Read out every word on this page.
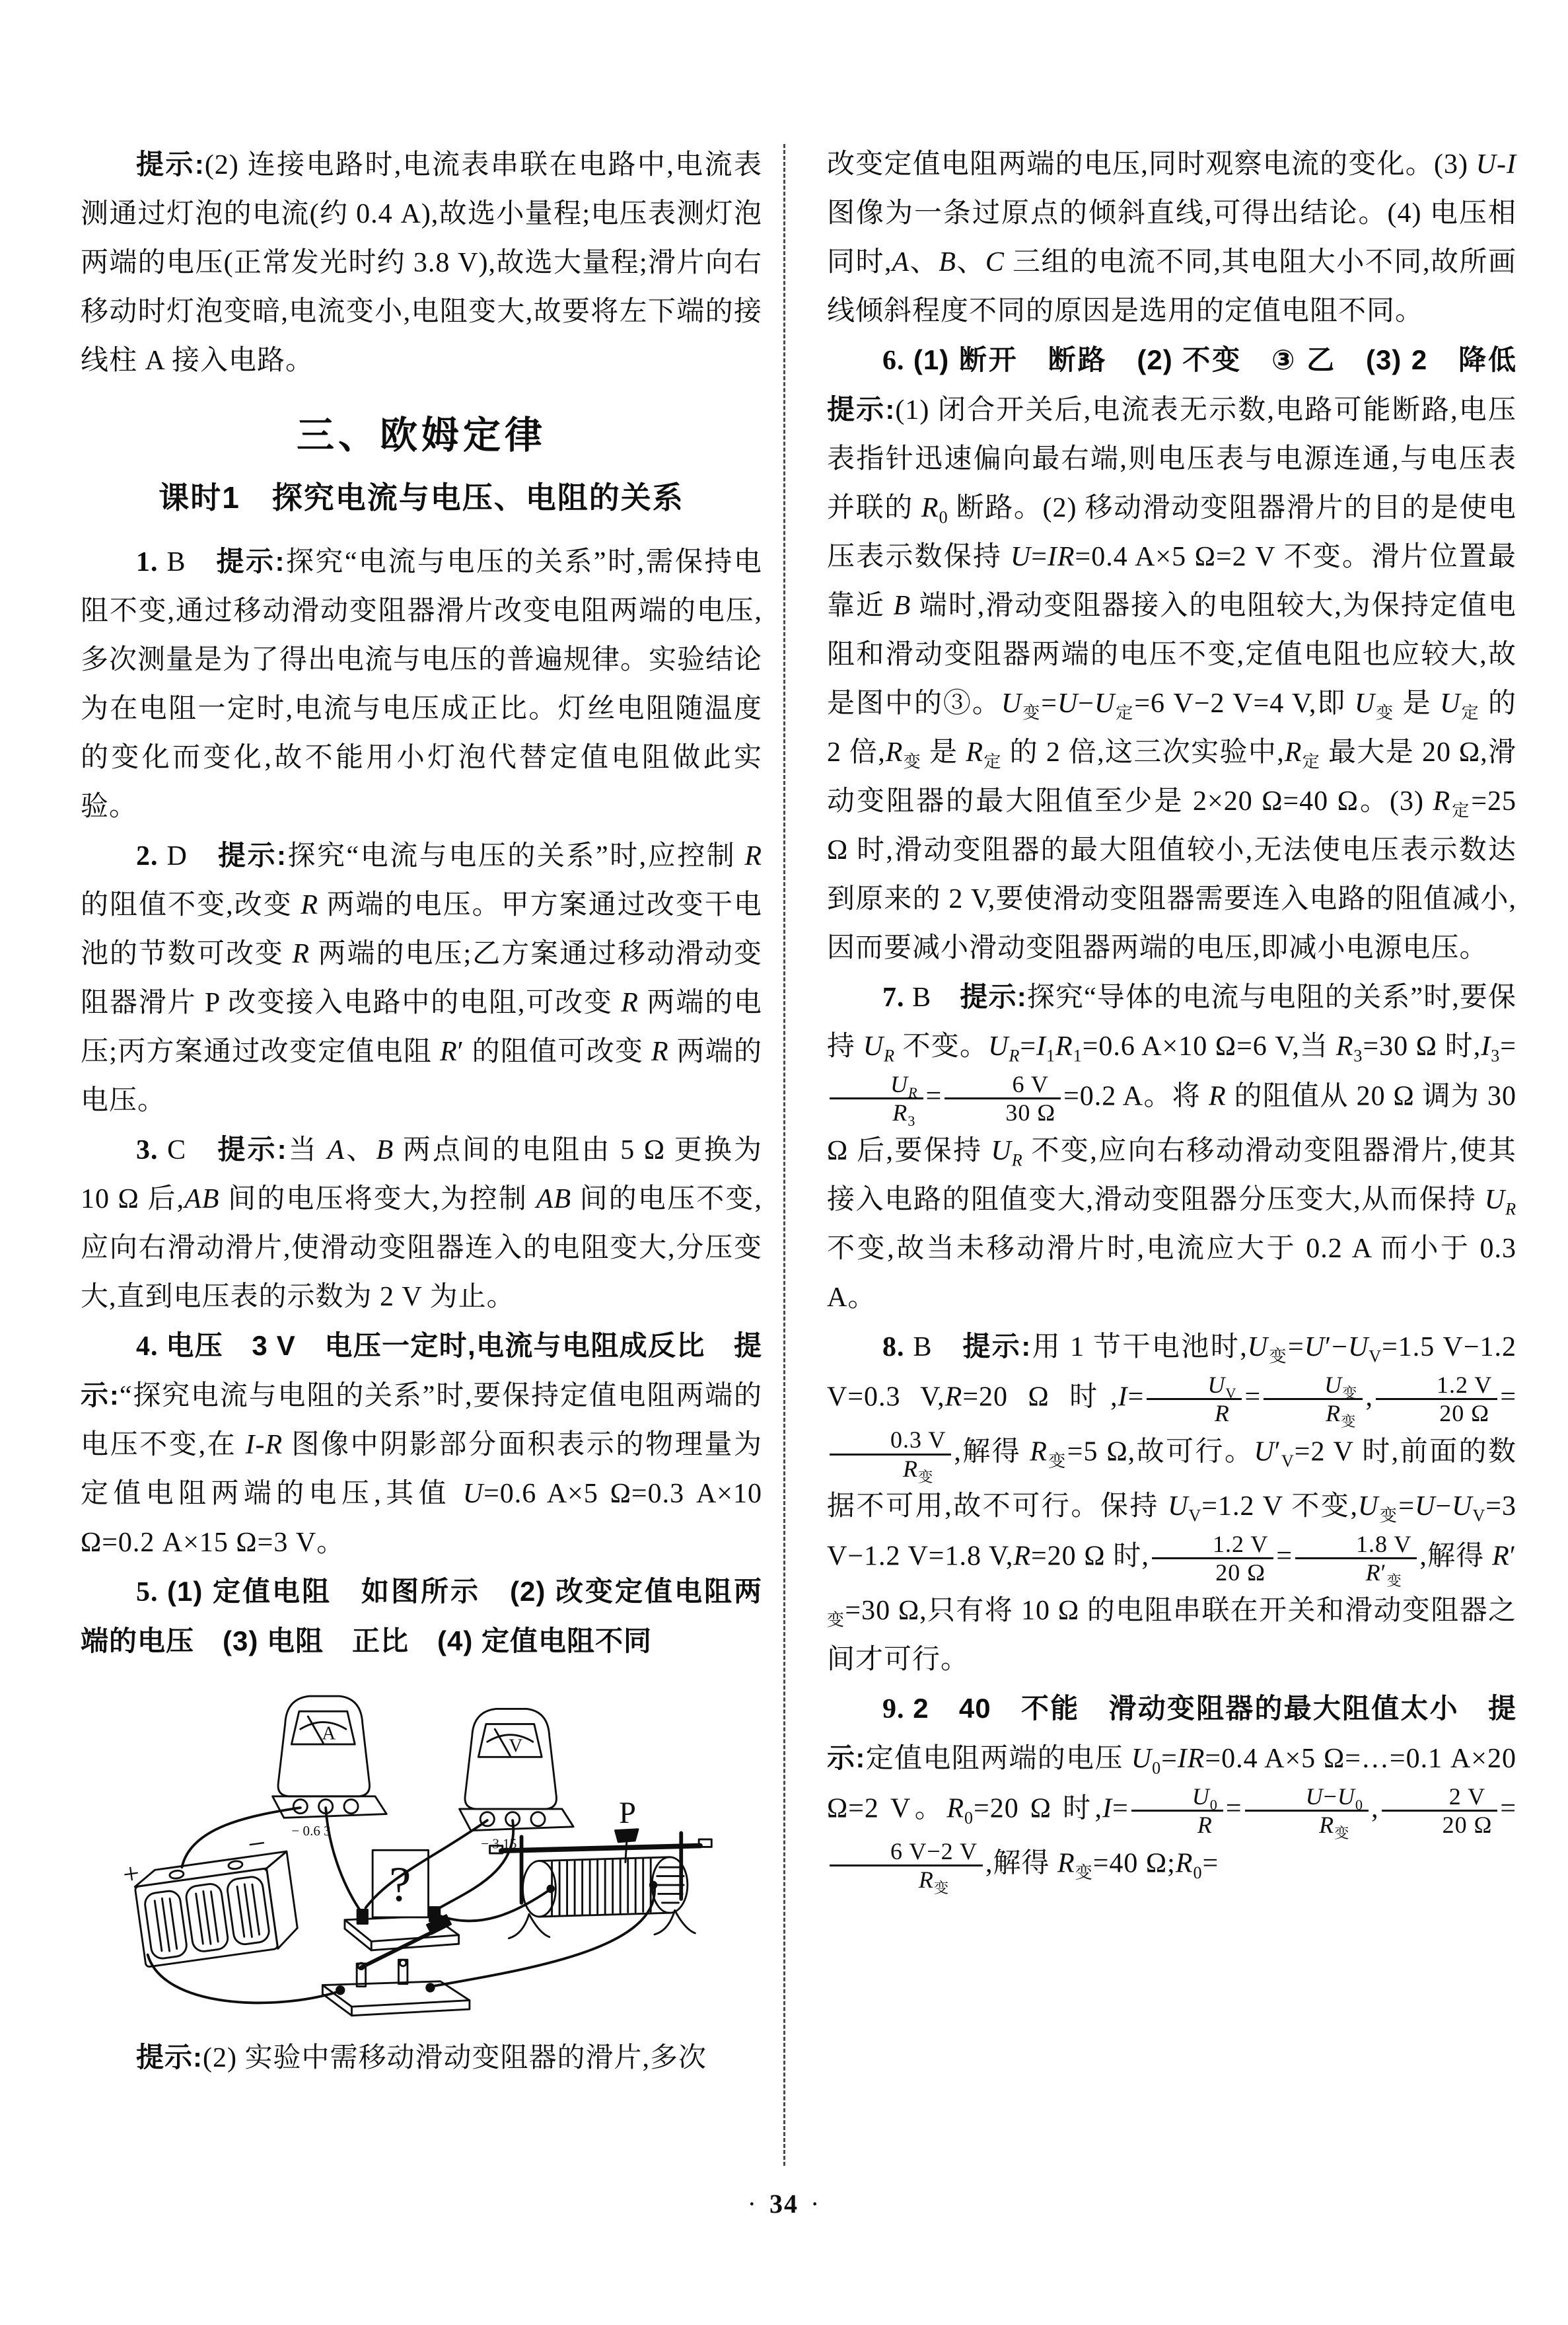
提示:(2) 连接电路时,电流表串联在电路中,电流表测通过灯泡的电流(约 0.4 A),故选小量程;电压表测灯泡两端的电压(正常发光时约 3.8 V),故选大量程;滑片向右移动时灯泡变暗,电流变小,电阻变大,故要将左下端的接线柱 A 接入电路。

三、欧姆定律
课时1　探究电流与电压、电阻的关系

1. B　提示:探究“电流与电压的关系”时,需保持电阻不变,通过移动滑动变阻器滑片改变电阻两端的电压,多次测量是为了得出电流与电压的普遍规律。实验结论为在电阻一定时,电流与电压成正比。灯丝电阻随温度的变化而变化,故不能用小灯泡代替定值电阻做此实验。

2. D　提示:探究“电流与电压的关系”时,应控制 R 的阻值不变,改变 R 两端的电压。甲方案通过改变干电池的节数可改变 R 两端的电压;乙方案通过移动滑动变阻器滑片 P 改变接入电路中的电阻,可改变 R 两端的电压;丙方案通过改变定值电阻 R′ 的阻值可改变 R 两端的电压。

3. C　提示:当 A、B 两点间的电阻由 5 Ω 更换为 10 Ω 后,AB 间的电压将变大,为控制 AB 间的电压不变,应向右滑动滑片,使滑动变阻器连入的电阻变大,分压变大,直到电压表的示数为 2 V 为止。

4. 电压　3 V　电压一定时,电流与电阻成反比　 提示:“探究电流与电阻的关系”时,要保持定值电阻两端的电压不变,在 I-R 图像中阴影部分面积表示的物理量为定值电阻两端的电压,其值 U=0.6 A×5 Ω=0.3 A×10 Ω=0.2 A×15 Ω=3 V。

5. (1) 定值电阻　如图所示　(2) 改变定值电阻两端的电压　(3) 电阻　正比　(4) 定值电阻不同

A
− 0.6 3
V
− 3 15
+
−
?
P

提示:(2) 实验中需移动滑动变阻器的滑片,多次

改变定值电阻两端的电压,同时观察电流的变化。(3) U-I 图像为一条过原点的倾斜直线,可得出结论。(4) 电压相同时,A、B、C 三组的电流不同,其电阻大小不同,故所画线倾斜程度不同的原因是选用的定值电阻不同。

6. (1) 断开　断路　(2) 不变　③ 乙　(3) 2　降低　提示:(1) 闭合开关后,电流表无示数,电路可能断路,电压表指针迅速偏向最右端,则电压表与电源连通,与电压表并联的 $R_0$ 断路。(2) 移动滑动变阻器滑片的目的是使电压表示数保持 U=IR=0.4 A×5 Ω=2 V 不变。滑片位置最靠近 B 端时,滑动变阻器接入的电阻较大,为保持定值电阻和滑动变阻器两端的电压不变,定值电阻也应较大,故是图中的③。$U_变=U-U_定=6$ V−2 V=4 V,即 $U_变$ 是 $U_定$ 的 2 倍$,R_变$ 是 $R_定$ 的 2 倍,这三次实验中$,R_定$ 最大是 20 Ω,滑动变阻器的最大阻值至少是 2×20 Ω=40 Ω。(3) $R_定=25$ Ω 时,滑动变阻器的最大阻值较小,无法使电压表示数达到原来的 2 V,要使滑动变阻器需要连入电路的阻值减小,因而要减小滑动变阻器两端的电压,即减小电源电压。

7. B　提示:探究“导体的电流与电阻的关系”时,要保持 $U_R$ 不变。$U_R=I_1R_1=0.6$ A×10 Ω=6 V,当 $R_3=30$ Ω 时$,I_3=$
$\frac{U_R}{R_3} = \frac{6 V}{30 \Omega} =0.2$ A。将 R 的阻值从 20 Ω 调为 30 Ω 后,要保持 $U_R$ 不变,应向右移动滑动变阻器滑片,使其接入电路的阻值变大,滑动变阻器分压变大,从而保持 $U_R$ 不变,故当未移动滑片时,电流应大于 0.2 A 而小于 0.3 A。

8. B　提示:用 1 节干电池时$,U_变=U'-U_V=1.5$ V−1.2 V=0.3 V,R=20 Ω 时$,I= \frac{U_V}{R}$ =	$U_变$
$R_变$
, $\frac{1.2 V}{20 \Omega}$ =
0.3 V
$R_变$
,解得 $R_变=5$ Ω,故可行。$U'_V=2$ V 时,前面的数据不可用,故不可行。保持 $U_V=1.2$ V 不变$,U_变=U-U_V=3$ V−1.2 V=1.8 V,R=20 Ω 时, $\frac{1.2 V}{20 \Omega}$ =	1.8 V
$R'_变$
,解得 $R'_变=30$ Ω,只有将 10 Ω 的电阻串联在开关和滑动变阻器之间才可行。

9. 2　40　不能　滑动变阻器的最大阻值太小　 提示:定值电阻两端的电压 $U_0=IR=0.4$ A×5 Ω=…=0.1 A×20 Ω=2 V。$R_0=20$ Ω 时$,I= \frac{U_0}{R}$ =	$U-U_0$
$R_变$
, $\frac{2 V}{20 \Omega}$ =
6 V−2 V
$R_变$
,解得 $R_变=40$ $\Omega;R_0=$

· 34 ·
